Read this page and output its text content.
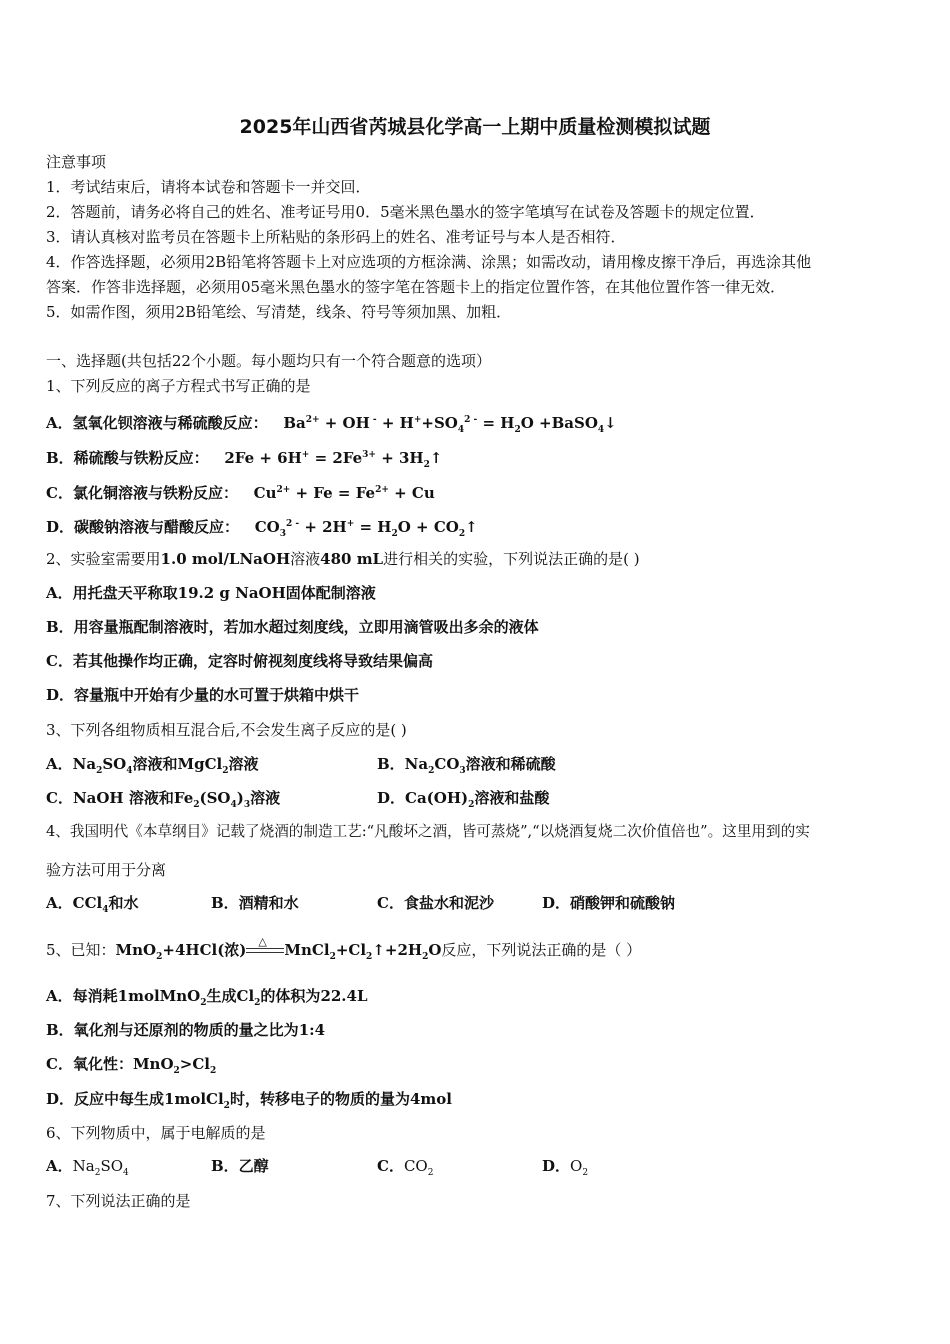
2025年山西省芮城县化学高一上期中质量检测模拟试题
注意事项
1．考试结束后，请将本试卷和答题卡一并交回．
2．答题前，请务必将自己的姓名、准考证号用0．5毫米黑色墨水的签字笔填写在试卷及答题卡的规定位置．
3．请认真核对监考员在答题卡上所粘贴的条形码上的姓名、准考证号与本人是否相符．
4．作答选择题，必须用2B铅笔将答题卡上对应选项的方框涂满、涂黑；如需改动，请用橡皮擦干净后，再选涂其他
答案．作答非选择题，必须用05毫米黑色墨水的签字笔在答题卡上的指定位置作答，在其他位置作答一律无效．
5．如需作图，须用2B铅笔绘、写清楚，线条、符号等须加黑、加粗．
一、选择题(共包括22个小题。每小题均只有一个符合题意的选项）
1、下列反应的离子方程式书写正确的是
A．氢氧化钡溶液与稀硫酸反应： $Ba^{2+}$ + OH $^- + H^++SO_4^{2 -} = H_2O$ +BaSO$_4$↓
B．稀硫酸与铁粉反应： $2Fe + 6H^+ = 2Fe^{3+}$ + $3H_2↑$
C．氯化铜溶液与铁粉反应： $Cu^{2+} + Fe = Fe^{2+} + Cu$
D．碳酸钠溶液与醋酸反应： $CO_3^{2 -} + 2H^+ = H_2O$ + $CO_2↑$
2、实验室需要用1.0 mol/LNaOH溶液480 mL进行相关的实验，下列说法正确的是( )
A．用托盘天平称取19.2 g NaOH固体配制溶液
B．用容量瓶配制溶液时，若加水超过刻度线，立即用滴管吸出多余的液体
C．若其他操作均正确，定容时俯视刻度线将导致结果偏高
D．容量瓶中开始有少量的水可置于烘箱中烘干
3、下列各组物质相互混合后,不会发生离子反应的是( )
A．$Na_2SO_4$溶液和MgCl$_2$溶液	B．$Na_2CO_3$溶液和稀硫酸
C．NaOH 溶液和$Fe_2(SO_4)_3$溶液	D．$Ca(OH)_2$溶液和盐酸
4、我国明代《本草纲目》记载了烧酒的制造工艺:“凡酸坏之酒，皆可蒸烧”,“以烧酒复烧二次价值倍也”。这里用到的实
验方法可用于分离
A．CCl$_4$和水	B．酒精和水	C．食盐水和泥沙	D．硝酸钾和硫酸钠
5、已知：MnO$_2$+4HCl(浓) △ $MnCl_2+Cl_2↑+2H_2O$反应，下列说法正确的是（ ）
A．每消耗1molMnO$_2$生成$Cl_2$的体积为22.4L
B．氧化剂与还原剂的物质的量之比为1:4
C．氧化性：$MnO_2>Cl_2$
D．反应中每生成1molCl$_2$时，转移电子的物质的量为4mol
6、下列物质中，属于电解质的是
A．$Na_2SO_4$	B．乙醇	C．$CO_2$	D．$O_2$
7、下列说法正确的是
